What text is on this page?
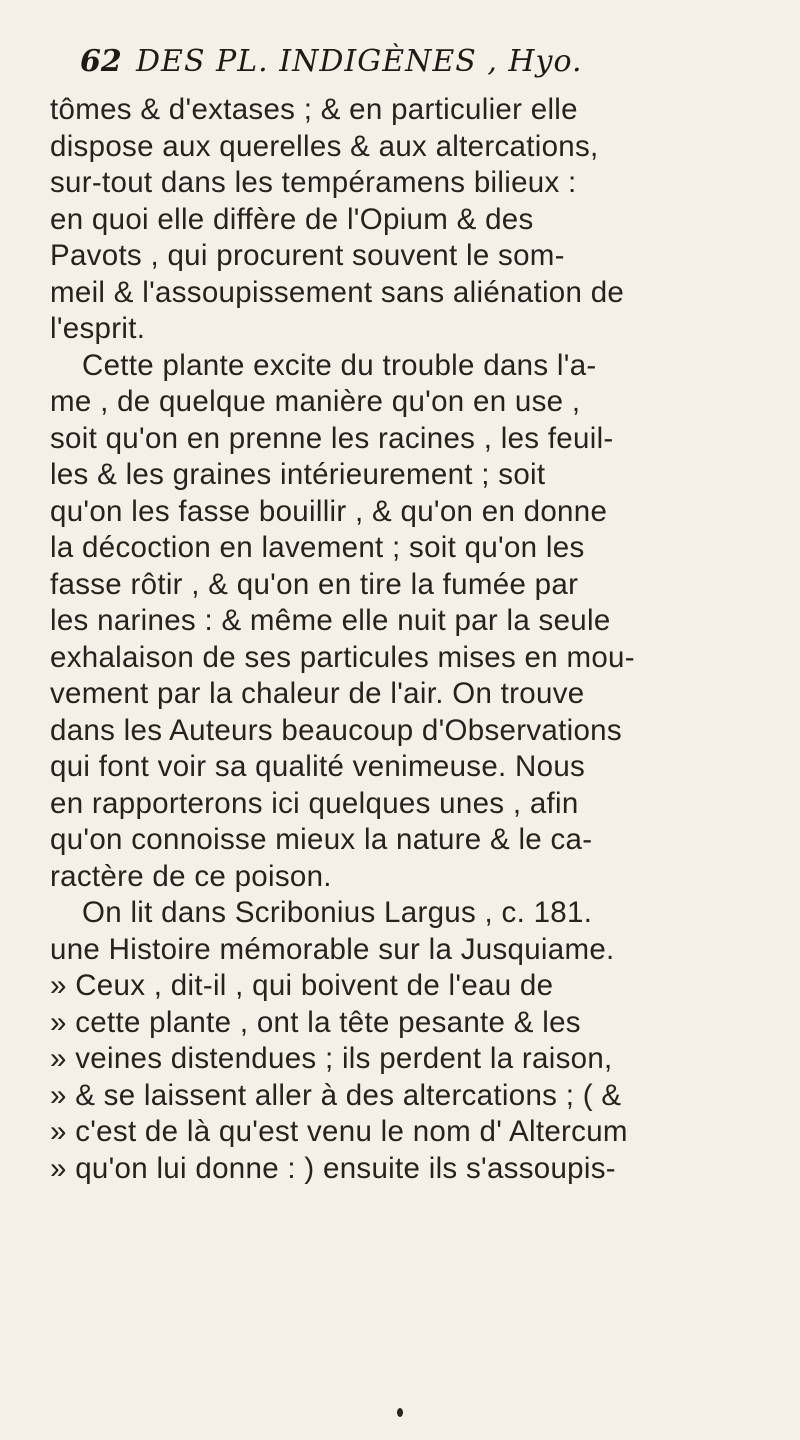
62 DES PL. INDIGÈNES , Hyo.
tômes & d'extases ; & en particulier elle
dispose aux querelles & aux altercations,
sur-tout dans les tempéramens bilieux :
en quoi elle diffère de l'Opium & des
Pavots , qui procurent souvent le som-
meil & l'assoupissement sans aliénation de
l'esprit.
Cette plante excite du trouble dans l'a-
me , de quelque manière qu'on en use ,
soit qu'on en prenne les racines , les feuil-
les & les graines intérieurement ; soit
qu'on les fasse bouillir , & qu'on en donne
la décoction en lavement ; soit qu'on les
fasse rôtir , & qu'on en tire la fumée par
les narines : & même elle nuit par la seule
exhalaison de ses particules mises en mou-
vement par la chaleur de l'air. On trouve
dans les Auteurs beaucoup d'Observations
qui font voir sa qualité venimeuse. Nous
en rapporterons ici quelques unes , afin
qu'on connoisse mieux la nature & le ca-
ractère de ce poison.
On lit dans Scribonius Largus , c. 181.
une Histoire mémorable sur la Jusquiame.
» Ceux , dit-il , qui boivent de l'eau de
» cette plante , ont la tête pesante & les
» veines distendues ; ils perdent la raison,
» & se laissent aller à des altercations ; ( &
» c'est de là qu'est venu le nom d' Altercum
» qu'on lui donne : ) ensuite ils s'assoupis-
